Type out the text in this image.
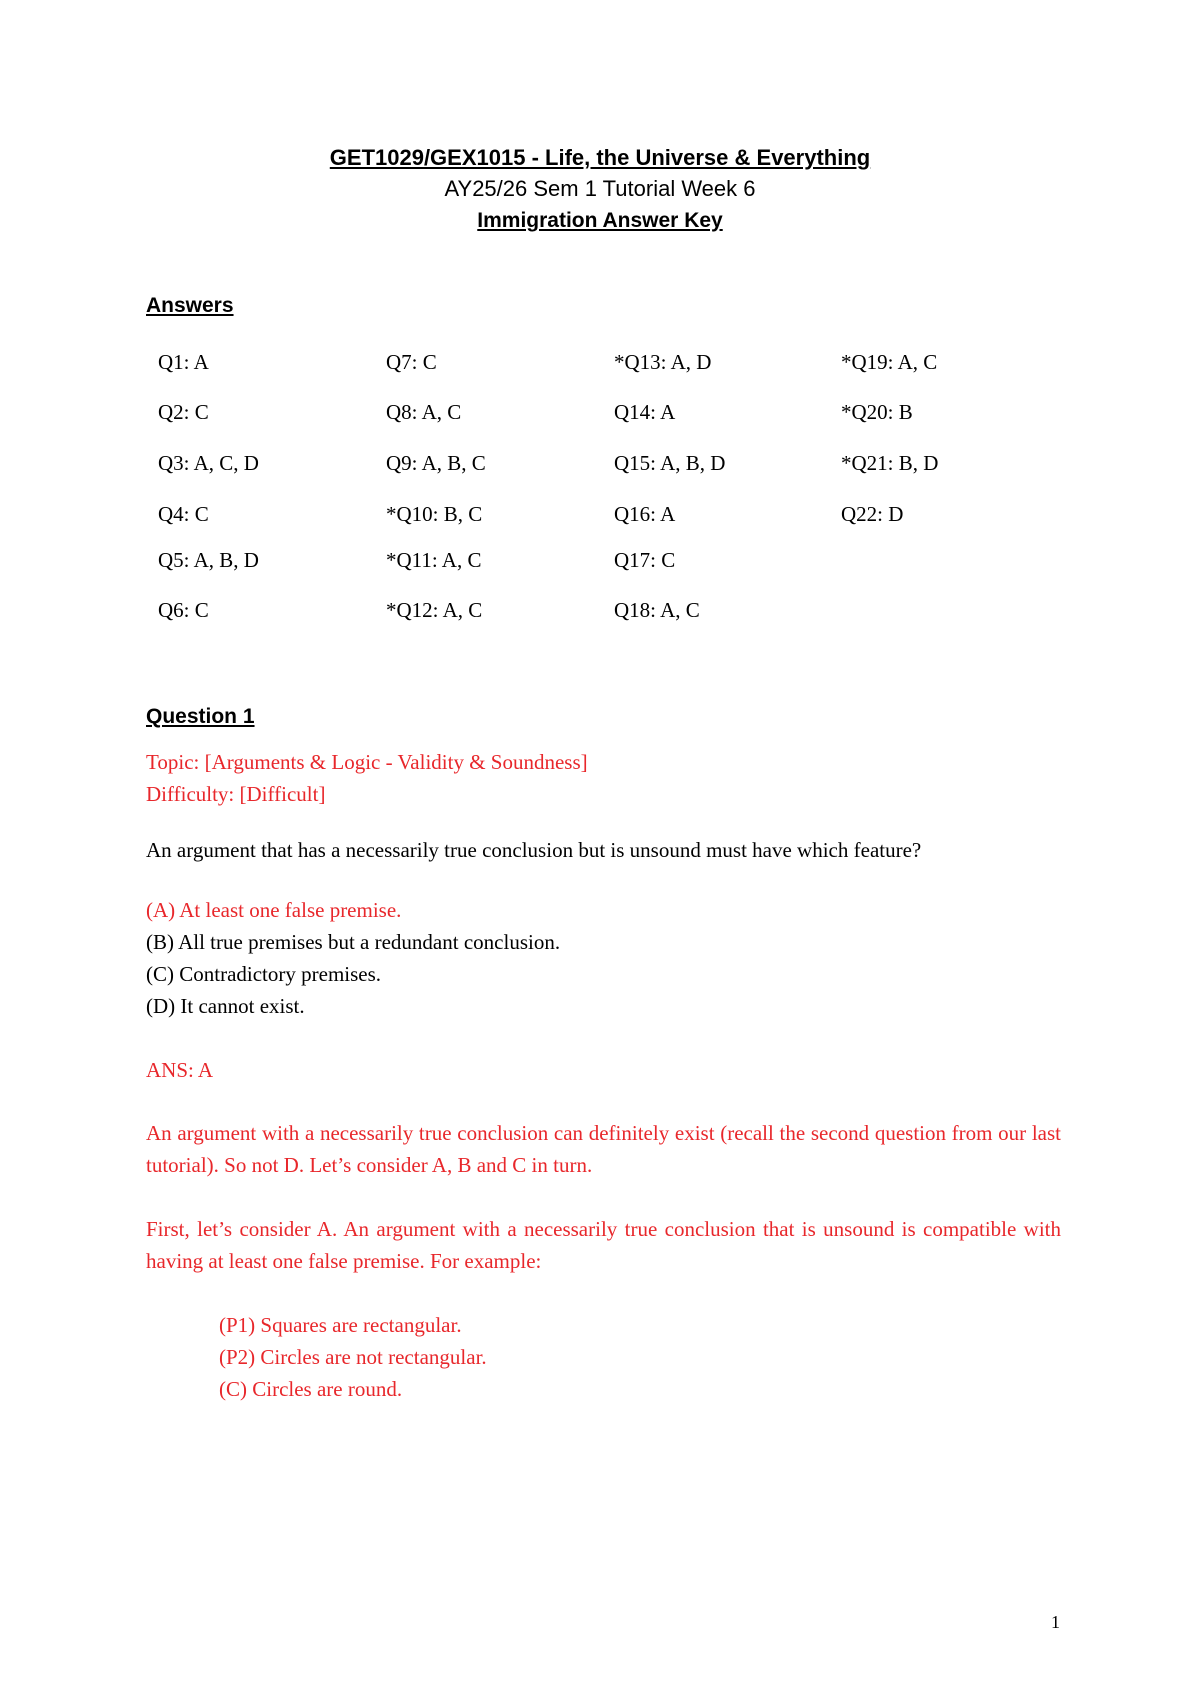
GET1029/GEX1015 - Life, the Universe & Everything
AY25/26 Sem 1 Tutorial Week 6
Immigration Answer Key
Answers
Q1: A
Q2: C
Q3: A, C, D
Q4: C
Q5: A, B, D
Q6: C
Q7: C
Q8: A, C
Q9: A, B, C
*Q10: B, C
*Q11: A, C
*Q12: A, C
*Q13: A, D
Q14: A
Q15: A, B, D
Q16: A
Q17: C
Q18: A, C
*Q19: A, C
*Q20: B
*Q21: B, D
Q22: D
Question 1
Topic: [Arguments & Logic - Validity & Soundness]
Difficulty: [Difficult]
An argument that has a necessarily true conclusion but is unsound must have which feature?
(A) At least one false premise.
(B) All true premises but a redundant conclusion.
(C) Contradictory premises.
(D) It cannot exist.
ANS: A
An argument with a necessarily true conclusion can definitely exist (recall the second question from our last tutorial). So not D. Let’s consider A, B and C in turn.
First, let’s consider A. An argument with a necessarily true conclusion that is unsound is compatible with having at least one false premise. For example:
(P1) Squares are rectangular.
(P2) Circles are not rectangular.
(C) Circles are round.
1
